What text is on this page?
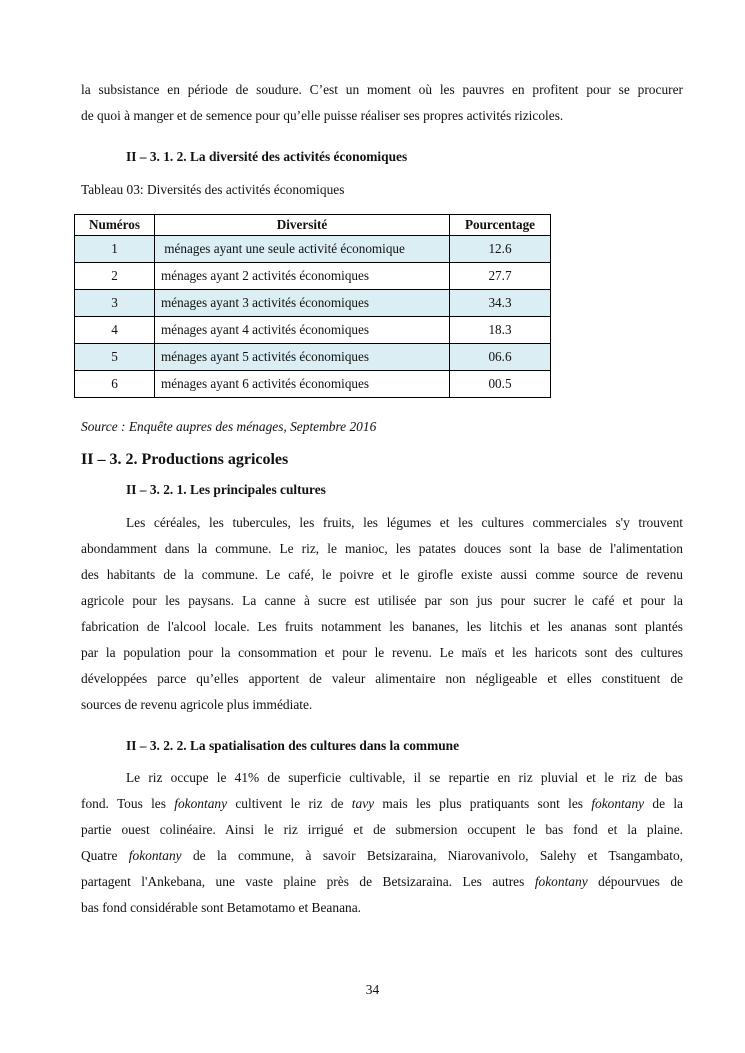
la subsistance en période de soudure. C’est un moment où les pauvres en profitent pour se procurer
de quoi à manger et de semence pour qu’elle puisse réaliser ses propres activités rizicoles.

II – 3. 1. 2. La diversité des activités économiques

Tableau 03: Diversités des activités économiques

Numéros	Diversité	Pourcentage
1	ménages ayant une seule activité économique	12.6
2	ménages ayant 2 activités économiques	27.7
3	ménages ayant 3 activités économiques	34.3
4	ménages ayant 4 activités économiques	18.3
5	ménages ayant 5 activités économiques	06.6
6	ménages ayant 6 activités économiques	00.5

Source : Enquête aupres des ménages, Septembre 2016

II – 3. 2. Productions agricoles

II – 3. 2. 1. Les principales cultures

Les céréales, les tubercules, les fruits, les légumes et les cultures commerciales s'y trouvent
abondamment dans la commune. Le riz, le manioc, les patates douces sont la base de l'alimentation
des habitants de la commune. Le café, le poivre et le girofle existe aussi comme source de revenu
agricole pour les paysans. La canne à sucre est utilisée par son jus pour sucrer le café et pour la
fabrication de l'alcool locale. Les fruits notamment les bananes, les litchis et les ananas sont plantés
par la population pour la consommation et pour le revenu. Le maïs et les haricots sont des cultures
développées parce qu’elles apportent de valeur alimentaire non négligeable et elles constituent de
sources de revenu agricole plus immédiate.

II – 3. 2. 2. La spatialisation des cultures dans la commune

Le riz occupe le 41% de superficie cultivable, il se repartie en riz pluvial et le riz de bas
fond. Tous les fokontany cultivent le riz de tavy mais les plus pratiquants sont les fokontany de la
partie ouest colinéaire. Ainsi le riz irrigué et de submersion occupent le bas fond et la plaine.
Quatre fokontany de la commune, à savoir Betsizaraina, Niarovanivolo, Salehy et Tsangambato,
partagent l'Ankebana, une vaste plaine près de Betsizaraina. Les autres fokontany dépourvues de
bas fond considérable sont Betamotamo et Beanana.
34
